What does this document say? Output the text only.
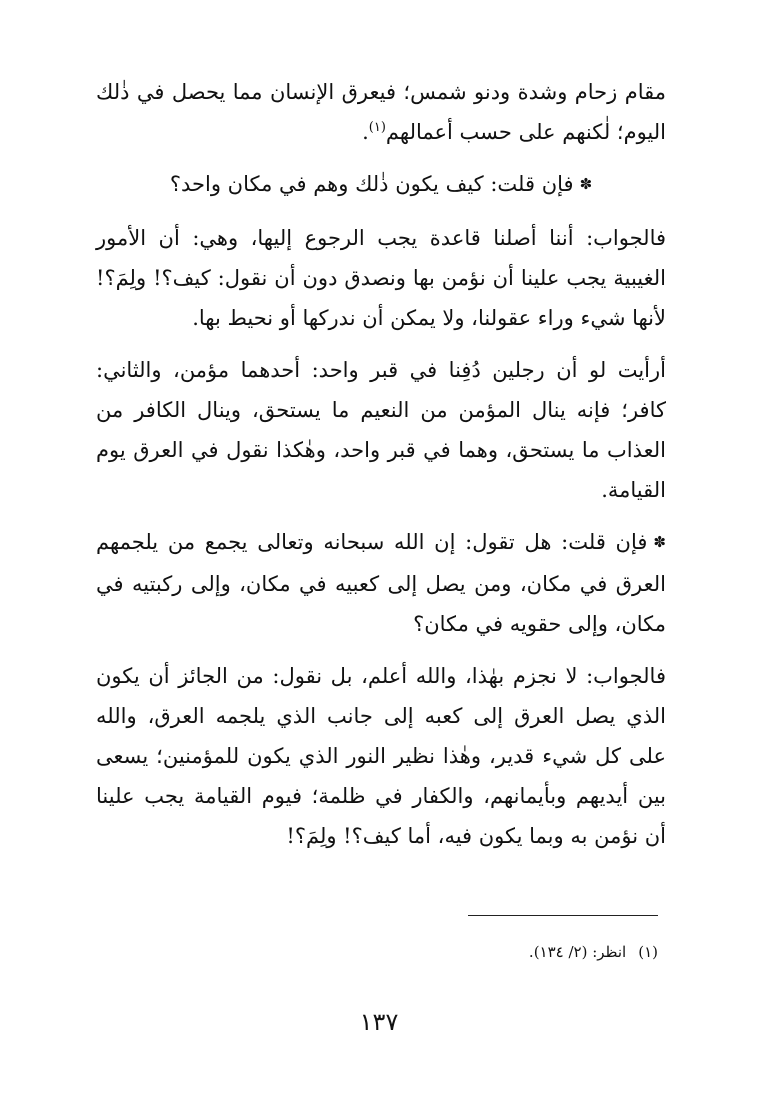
مقام زحام وشدة ودنو شمس؛ فيعرق الإنسان مما يحصل في ذٰلك اليوم؛ لٰكنهم على حسب أعمالهم$^{(١)}$.

✽فإن قلت: كيف يكون ذٰلك وهم في مكان واحد؟

فالجواب: أننا أصلنا قاعدة يجب الرجوع إليها، وهي: أن الأمور الغيبية يجب علينا أن نؤمن بها ونصدق دون أن نقول: كيف؟! ولِمَ؟! لأنها شيء وراء عقولنا، ولا يمكن أن ندركها أو نحيط بها.

أرأيت لو أن رجلين دُفِنا في قبر واحد: أحدهما مؤمن، والثاني: كافر؛ فإنه ينال المؤمن من النعيم ما يستحق، وينال الكافر من العذاب ما يستحق، وهما في قبر واحد، وهٰكذا نقول في العرق يوم القيامة.

✽فإن قلت: هل تقول: إن الله سبحانه وتعالى يجمع من يلجمهم العرق في مكان، ومن يصل إلى كعبيه في مكان، وإلى ركبتيه في مكان، وإلى حقويه في مكان؟

فالجواب: لا نجزم بهٰذا، والله أعلم، بل نقول: من الجائز أن يكون الذي يصل العرق إلى كعبه إلى جانب الذي يلجمه العرق، والله على كل شيء قدير، وهٰذا نظير النور الذي يكون للمؤمنين؛ يسعى بين أيديهم وبأيمانهم، والكفار في ظلمة؛ فيوم القيامة يجب علينا أن نؤمن به وبما يكون فيه، أما كيف؟! ولِمَ؟!

(١)انظر: (٢/ ١٣٤).
١٣٧
